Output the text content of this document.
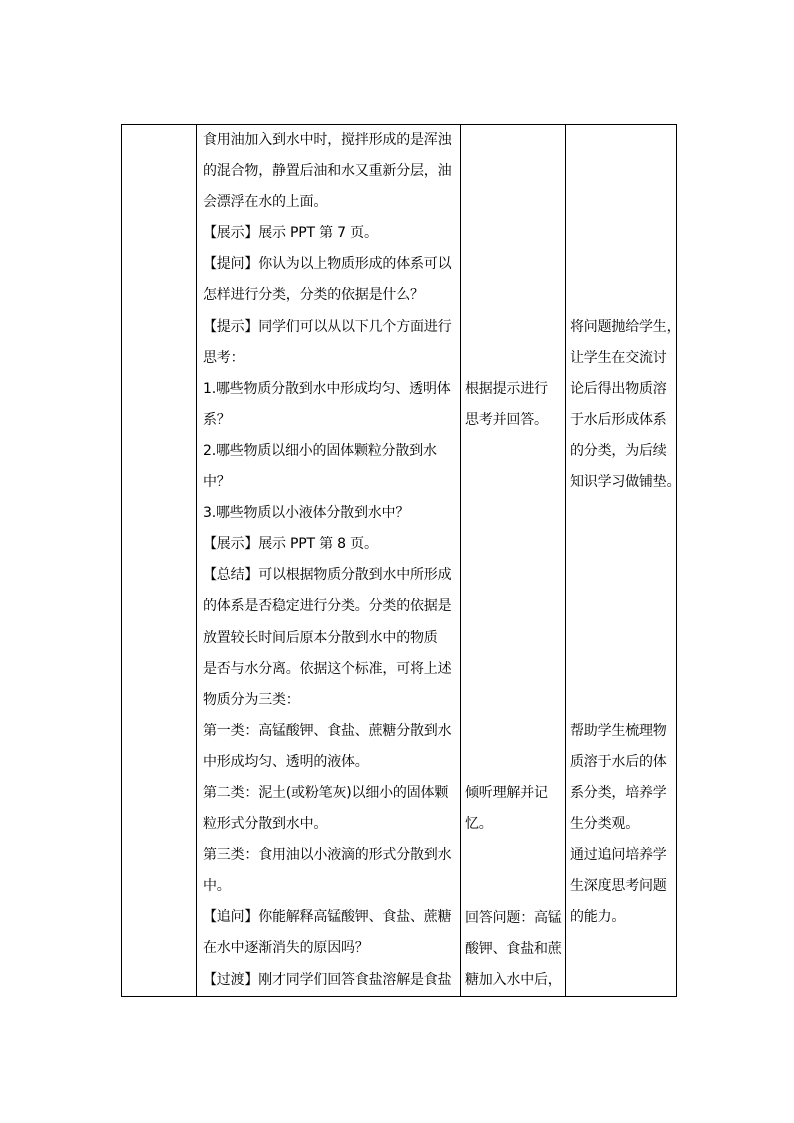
食用油加入到水中时，搅拌形成的是浑浊
的混合物，静置后油和水又重新分层，油
会漂浮在水的上面。
【展示】展示 PPT 第 7 页。
【提问】你认为以上物质形成的体系可以
怎样进行分类，分类的依据是什么？
【提示】同学们可以从以下几个方面进行
思考：
1.哪些物质分散到水中形成均匀、透明体
系？
2.哪些物质以细小的固体颗粒分散到水
中？
3.哪些物质以小液体分散到水中？
【展示】展示 PPT 第 8 页。
【总结】可以根据物质分散到水中所形成
的体系是否稳定进行分类。分类的依据是
放置较长时间后原本分散到水中的物质
是否与水分离。依据这个标准，可将上述
物质分为三类：
第一类：高锰酸钾、食盐、蔗糖分散到水
中形成均匀、透明的液体。
第二类：泥土(或粉笔灰)以细小的固体颗
粒形式分散到水中。
第三类：食用油以小液滴的形式分散到水
中。
【追问】你能解释高锰酸钾、食盐、蔗糖
在水中逐渐消失的原因吗？
【过渡】刚才同学们回答食盐溶解是食盐
根据提示进行
思考并回答。
倾听理解并记
忆。
回答问题：高锰
酸钾、食盐和蔗
糖加入水中后，
将问题抛给学生，
让学生在交流讨
论后得出物质溶
于水后形成体系
的分类，为后续
知识学习做铺垫。
帮助学生梳理物
质溶于水后的体
系分类，培养学
生分类观。
通过追问培养学
生深度思考问题
的能力。
